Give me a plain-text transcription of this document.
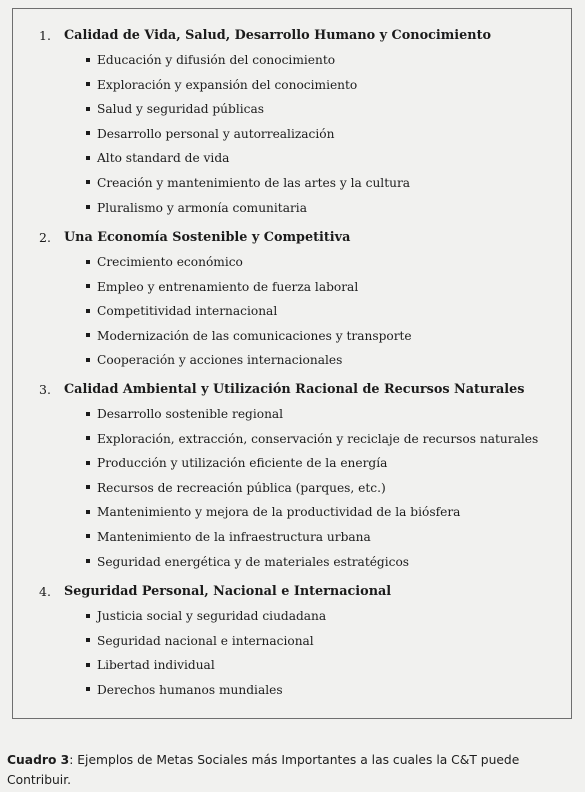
1. Calidad de Vida, Salud, Desarrollo Humano y Conocimiento
Educación y difusión del conocimiento
Exploración y expansión del conocimiento
Salud y seguridad públicas
Desarrollo personal y autorrealización
Alto standard de vida
Creación y mantenimiento de las artes y la cultura
Pluralismo y armonía comunitaria
2. Una Economía Sostenible y Competitiva
Crecimiento económico
Empleo y entrenamiento de fuerza laboral
Competitividad internacional
Modernización de las comunicaciones y transporte
Cooperación y acciones internacionales
3. Calidad Ambiental y Utilización Racional de Recursos Naturales
Desarrollo sostenible regional
Exploración, extracción, conservación y reciclaje de recursos naturales
Producción y utilización eficiente de la energía
Recursos de recreación pública (parques, etc.)
Mantenimiento y mejora de la productividad de la biósfera
Mantenimiento de la infraestructura urbana
Seguridad energética y de materiales estratégicos
4. Seguridad Personal, Nacional e Internacional
Justicia social y seguridad ciudadana
Seguridad nacional e internacional
Libertad individual
Derechos humanos mundiales
Cuadro 3: Ejemplos de Metas Sociales más Importantes a las cuales la C&T puede Contribuir.
